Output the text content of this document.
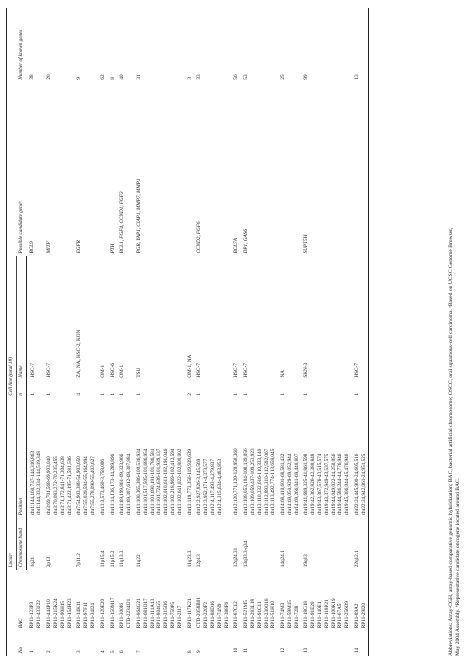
No	BAC	Locusᵃ		Cell line (total 18)		Possible candidate geneᵇ	Number of known genes
		Chromosome band	Position	n	Name		
1	RP11-123P3	1q21	chr1:144,160,737-144,316,863	1	HSC-7	BCL9	38
	RP11-433J22		chr1:144,332,334-144,519,348				
2	RP11-444P10	3p13	chr3:69,701,568-69,903,040	1	HSC-7	MITF	20
	RP11-215K24		chr3:70,083,272-70,235,455				
	RP11-90H15		chr3:71,172,841-71,304,638				
	RP11-154H23		chr3:71,422,195-71,581,506				
3	RP11-14K11	7p11.2	chr7:54,903,388-54,903,650	4	ZA, NA, HSC-2, KON	EGFR	9
	RP11-97F11		chr7:55,029,594-55,164,994				
	RP11-34I24		chr7:55,278,090-55,403,627				
4	RP11-120E20	11p15.4	chr11:3,573,460-3,758,006	1	OM-1		62
5	RP11-150M17	11p15.2	chr11:14,136,173-14,289,896	1	HSC-6	PTH	8
6	RP11-300I6	11q13.3	chr11:69,199,861-69,323,966	1	OM-1	BCL1, FGF4, CCND1, FGF3	40
	CTD-2234I21		chr11:69,307,612-69,307,884				
7	RP11-864G21	11q22	chr11:100,365,386-100,536,934	1	TSU	PGR, YAP1, CIAP1, MMP7, MMP1	31
	RP11-681O17		chr11:101,517,505-101,686,954				
	RP11-111A13		chr11:101,690,191-101,786,581				
	RP11-804G5		chr11:101,724,636-101,939,137				
	RP11-315O6		chr11:102,010,611-102,191,046				
	RP11-750P5		chr11:102,218,969-102,412,594				
	RP11-2I17		chr11:102,641,022-102,800,002				
8	RP11-117K21	11q23.3	chr11:119,773,356-119,939,639	2	OM-1, NA		3
9	CTD-2058B01	12p13	chr12:2,927,826-3,145,569	1	HSC-7	CCND2, FGF6	33
	RP11-220F2		chr12:3,952,171-4,373,577				
	RP11-88D16		chr12:4,117,493-4,279,837				
	RP11-74N9		chr12:4,315,634-4,483,853				
	RP11-388F6						
10	RP11-87C12	12q24.31	chr12:120,771,120-120,958,360	1	HSC-7	BCL7A	56
11	RP11-521M5	13q33.3-q34	chr13:108,053,104-108,139,056	1	HSC-7	DP1, GAS6	53
	RP11-283L18		chr13:109,059,437-109,253,923				
	RP11-91C11		chr13:110,332,616-110,333,140				
	RP11-230O18		chr13:112,893,310-112,592,067				
	RP11-51H10		chr13:113,492,774-113,658,045				
12	RP11-74M3	14q24.1	chr14:68,410,601-68,581,432	1	NA		25
	RP11-59M15		chr14:69,050,929-69,052,944				
	RP11-72I8		chr14:69,266,041-69,440,807				
13	RP11-18G18	19q13	chr19:41,689,325-41,861,598	1	SKN-3	SUPT5H	99
	RP11-91E20		chr19:42,362,826-42,380,848				
	RP11-140E1		chr19:43,367,578-43,515,574				
	RP11-118P21		chr19:43,372,949-43,537,575				
	RP11-100K19		chr19:44,049,022-44,250,056				
	RP11-67A5		chr19:44,586,244-44,776,946				
	RP11-256O9		chr19:45,306,044-45,476,946				
14	RP11-89A2	22q12.1	chr22:24,445,900-24,605,516	1	HSC-7		13
	RP11-29I20		chr22:24,942,061-24,951,525					Abbreviations: Array-CGH, array-based comparative genomic hybridization; BAC, bacterial artificial chromosome; OSCC, oral squamous-cell carcinoma. ᵃBased on UCSC Genome Browser, May 2004 Assembly. ᵇRepresentative candidate oncogene located around BAC.
